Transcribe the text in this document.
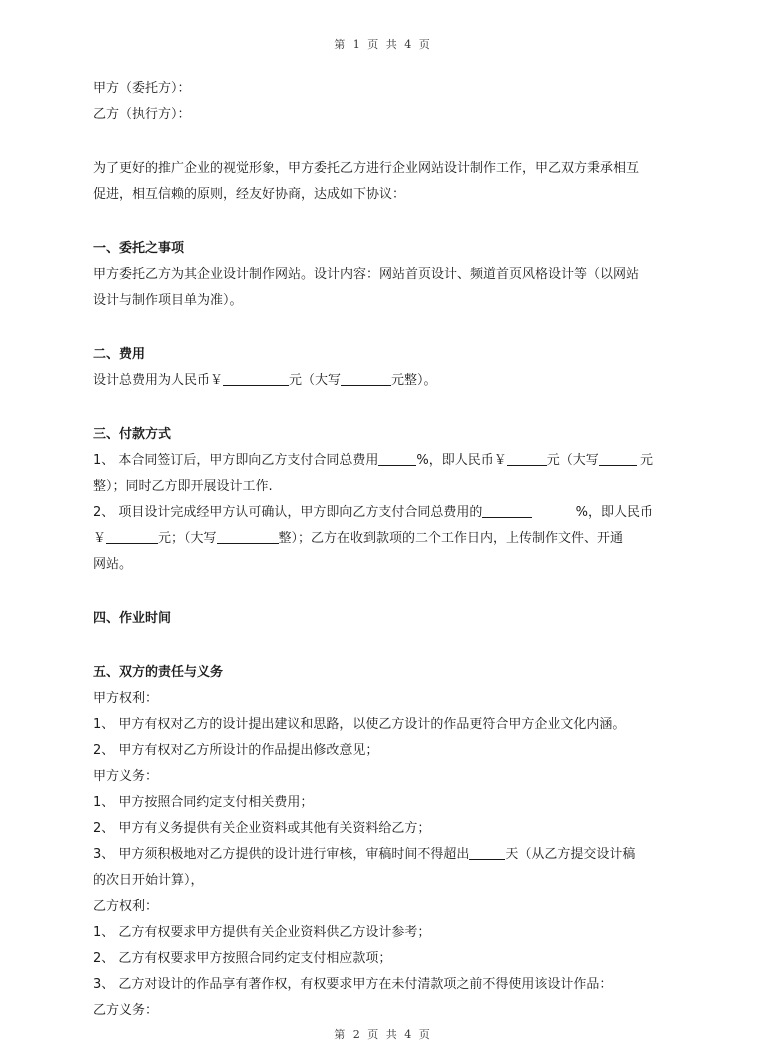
第 1 页 共 4 页
甲方（委托方）：
乙方（执行方）：
为了更好的推广企业的视觉形象，甲方委托乙方进行企业网站设计制作工作，甲乙双方秉承相互
促进，相互信赖的原则，经友好协商，达成如下协议：
一、委托之事项
甲方委托乙方为其企业设计制作网站。设计内容：网站首页设计、频道首页风格设计等（以网站
设计与制作项目单为准）。
二、费用
设计总费用为人民币￥	元（大写	元整）。
三、付款方式
1、 本合同签订后，甲方即向乙方支付合同总费用	%，即人民币￥	元（大写	元
整）；同时乙方即开展设计工作.
2、 项目设计完成经甲方认可确认，甲方即向乙方支付合同总费用的	%，即人民币
￥	元；（大写	整）；乙方在收到款项的二个工作日内，上传制作文件、开通
网站。
四、作业时间
五、双方的责任与义务
甲方权利：
1、 甲方有权对乙方的设计提出建议和思路，以使乙方设计的作品更符合甲方企业文化内涵。
2、 甲方有权对乙方所设计的作品提出修改意见；
甲方义务：
1、 甲方按照合同约定支付相关费用；
2、 甲方有义务提供有关企业资料或其他有关资料给乙方；
3、 甲方须积极地对乙方提供的设计进行审核，审稿时间不得超出	天（从乙方提交设计稿
的次日开始计算），
乙方权利：
1、 乙方有权要求甲方提供有关企业资料供乙方设计参考；
2、 乙方有权要求甲方按照合同约定支付相应款项；
3、 乙方对设计的作品享有著作权，有权要求甲方在未付清款项之前不得使用该设计作品：
乙方义务：
第 2 页 共 4 页
